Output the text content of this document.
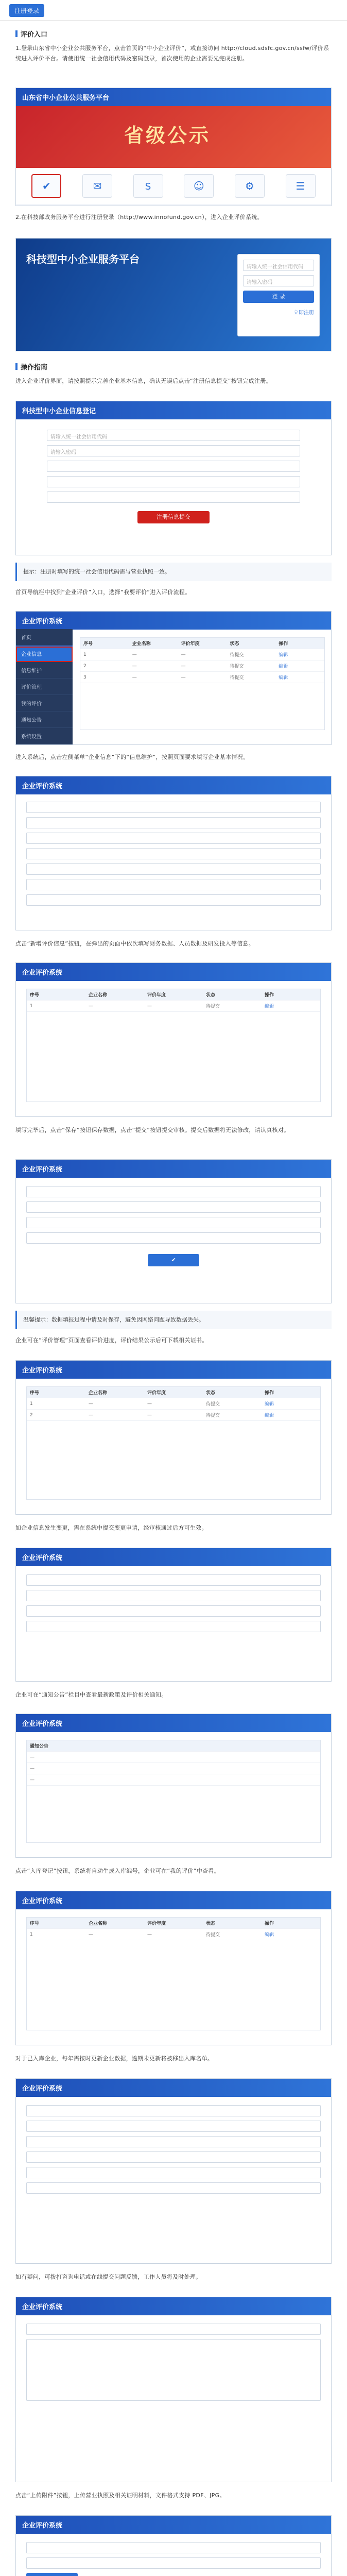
注册登录
评价入口
1.登录山东省中小企业公共服务平台，点击首页的“中小企业评价”，或直接访问 http://cloud.sdsfc.gov.cn/ssfw/评价系统进入评价平台。请使用统一社会信用代码及密码登录，首次使用的企业需要先完成注册。
山东省中小企业公共服务平台
省级公示
✔	✉	$	☺	⚙	☰
2.在科技部政务服务平台进行注册登录（http://www.innofund.gov.cn），进入企业评价系统。
科技型中小企业服务平台
请输入统一社会信用代码
请输入密码
登 录
立即注册
操作指南
进入企业评价界面，请按照提示完善企业基本信息，确认无误后点击“注册信息提交”按钮完成注册。
科技型中小企业信息登记
请输入统一社会信用代码
请输入密码
注册信息提交
提示：注册时填写的统一社会信用代码需与营业执照一致。
首页导航栏中找到“企业评价”入口，选择“我要评价”进入评价流程。
企业评价系统
首页
企业信息
信息维护
评价管理
我的评价
通知公告
系统设置
序号	企业名称	评价年度	状态	操作
1	—	—	待提交	编辑
2	—	—	待提交	编辑
3	—	—	待提交	编辑
进入系统后，点击左侧菜单“企业信息”下的“信息维护”，按照页面要求填写企业基本情况。
企业评价系统
点击“新增评价信息”按钮，在弹出的页面中依次填写财务数据、人员数据及研发投入等信息。
企业评价系统
序号	企业名称	评价年度	状态	操作
1	—	—	待提交	编辑
填写完毕后，点击“保存”按钮保存数据，点击“提交”按钮提交审核。提交后数据将无法修改，请认真核对。
企业评价系统
✔
温馨提示：数据填报过程中请及时保存，避免因网络问题导致数据丢失。
企业可在“评价管理”页面查看评价进度，评价结果公示后可下载相关证书。
企业评价系统
序号	企业名称	评价年度	状态	操作
1	—	—	待提交	编辑
2	—	—	待提交	编辑
如企业信息发生变更，需在系统中提交变更申请，经审核通过后方可生效。
企业评价系统
企业可在“通知公告”栏目中查看最新政策及评价相关通知。
企业评价系统
通知公告
—
—
—
点击“入库登记”按钮，系统将自动生成入库编号，企业可在“我的评价”中查看。
企业评价系统
序号	企业名称	评价年度	状态	操作
1	—	—	待提交	编辑
对于已入库企业，每年需按时更新企业数据，逾期未更新将被移出入库名单。
企业评价系统
如有疑问，可拨打咨询电话或在线提交问题反馈，工作人员将及时处理。
企业评价系统
点击“上传附件”按钮，上传营业执照及相关证明材料，文件格式支持 PDF、JPG。
企业评价系统
